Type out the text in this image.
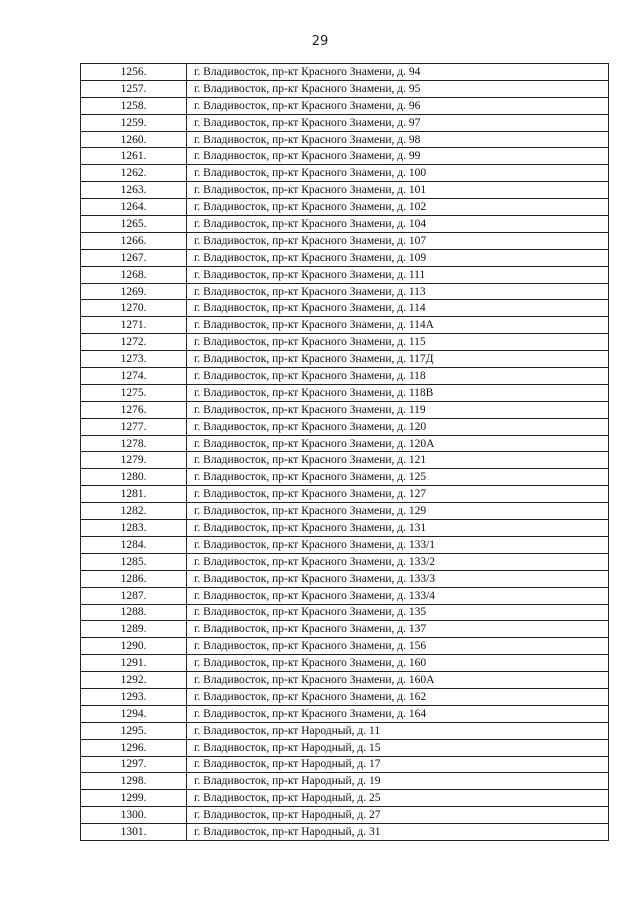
29
1256.	г. Владивосток, пр-кт Красного Знамени, д. 94
1257.	г. Владивосток, пр-кт Красного Знамени, д. 95
1258.	г. Владивосток, пр-кт Красного Знамени, д. 96
1259.	г. Владивосток, пр-кт Красного Знамени, д. 97
1260.	г. Владивосток, пр-кт Красного Знамени, д. 98
1261.	г. Владивосток, пр-кт Красного Знамени, д. 99
1262.	г. Владивосток, пр-кт Красного Знамени, д. 100
1263.	г. Владивосток, пр-кт Красного Знамени, д. 101
1264.	г. Владивосток, пр-кт Красного Знамени, д. 102
1265.	г. Владивосток, пр-кт Красного Знамени, д. 104
1266.	г. Владивосток, пр-кт Красного Знамени, д. 107
1267.	г. Владивосток, пр-кт Красного Знамени, д. 109
1268.	г. Владивосток, пр-кт Красного Знамени, д. 111
1269.	г. Владивосток, пр-кт Красного Знамени, д. 113
1270.	г. Владивосток, пр-кт Красного Знамени, д. 114
1271.	г. Владивосток, пр-кт Красного Знамени, д. 114А
1272.	г. Владивосток, пр-кт Красного Знамени, д. 115
1273.	г. Владивосток, пр-кт Красного Знамени, д. 117Д
1274.	г. Владивосток, пр-кт Красного Знамени, д. 118
1275.	г. Владивосток, пр-кт Красного Знамени, д. 118В
1276.	г. Владивосток, пр-кт Красного Знамени, д. 119
1277.	г. Владивосток, пр-кт Красного Знамени, д. 120
1278.	г. Владивосток, пр-кт Красного Знамени, д. 120А
1279.	г. Владивосток, пр-кт Красного Знамени, д. 121
1280.	г. Владивосток, пр-кт Красного Знамени, д. 125
1281.	г. Владивосток, пр-кт Красного Знамени, д. 127
1282.	г. Владивосток, пр-кт Красного Знамени, д. 129
1283.	г. Владивосток, пр-кт Красного Знамени, д. 131
1284.	г. Владивосток, пр-кт Красного Знамени, д. 133/1
1285.	г. Владивосток, пр-кт Красного Знамени, д. 133/2
1286.	г. Владивосток, пр-кт Красного Знамени, д. 133/3
1287.	г. Владивосток, пр-кт Красного Знамени, д. 133/4
1288.	г. Владивосток, пр-кт Красного Знамени, д. 135
1289.	г. Владивосток, пр-кт Красного Знамени, д. 137
1290.	г. Владивосток, пр-кт Красного Знамени, д. 156
1291.	г. Владивосток, пр-кт Красного Знамени, д. 160
1292.	г. Владивосток, пр-кт Красного Знамени, д. 160А
1293.	г. Владивосток, пр-кт Красного Знамени, д. 162
1294.	г. Владивосток, пр-кт Красного Знамени, д. 164
1295.	г. Владивосток, пр-кт Народный, д. 11
1296.	г. Владивосток, пр-кт Народный, д. 15
1297.	г. Владивосток, пр-кт Народный, д. 17
1298.	г. Владивосток, пр-кт Народный, д. 19
1299.	г. Владивосток, пр-кт Народный, д. 25
1300.	г. Владивосток, пр-кт Народный, д. 27
1301.	г. Владивосток, пр-кт Народный, д. 31
